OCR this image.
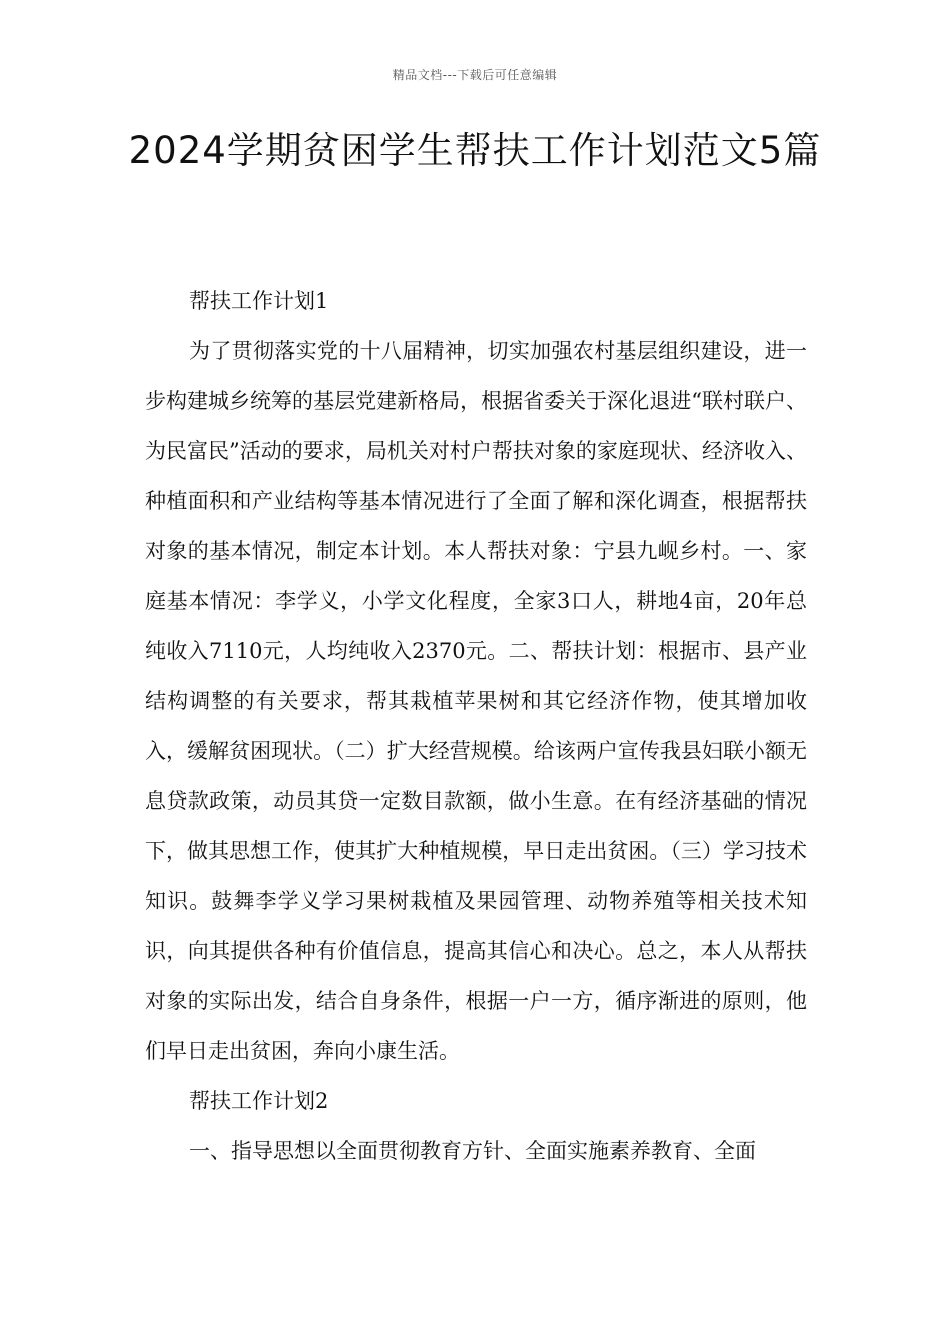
精品文档---下载后可任意编辑
2024学期贫困学生帮扶工作计划范文5篇

帮扶工作计划1

为了贯彻落实党的十八届精神，切实加强农村基层组织建设，进一步构建城乡统筹的基层党建新格局，根据省委关于深化退进“联村联户、为民富民”活动的要求，局机关对村户帮扶对象的家庭现状、经济收入、种植面积和产业结构等基本情况进行了全面了解和深化调查，根据帮扶对象的基本情况，制定本计划。本人帮扶对象：宁县九岘乡村。一、家庭基本情况：李学义，小学文化程度，全家3口人，耕地4亩，20年总纯收入7110元，人均纯收入2370元。二、帮扶计划：根据市、县产业结构调整的有关要求，帮其栽植苹果树和其它经济作物，使其增加收入，缓解贫困现状。（二）扩大经营规模。给该两户宣传我县妇联小额无息贷款政策，动员其贷一定数目款额，做小生意。在有经济基础的情况下，做其思想工作，使其扩大种植规模，早日走出贫困。（三）学习技术知识。鼓舞李学义学习果树栽植及果园管理、动物养殖等相关技术知识，向其提供各种有价值信息，提高其信心和决心。总之，本人从帮扶对象的实际出发，结合自身条件，根据一户一方，循序渐进的原则，他们早日走出贫困，奔向小康生活。

帮扶工作计划2

一、指导思想以全面贯彻教育方针、全面实施素养教育、全面
